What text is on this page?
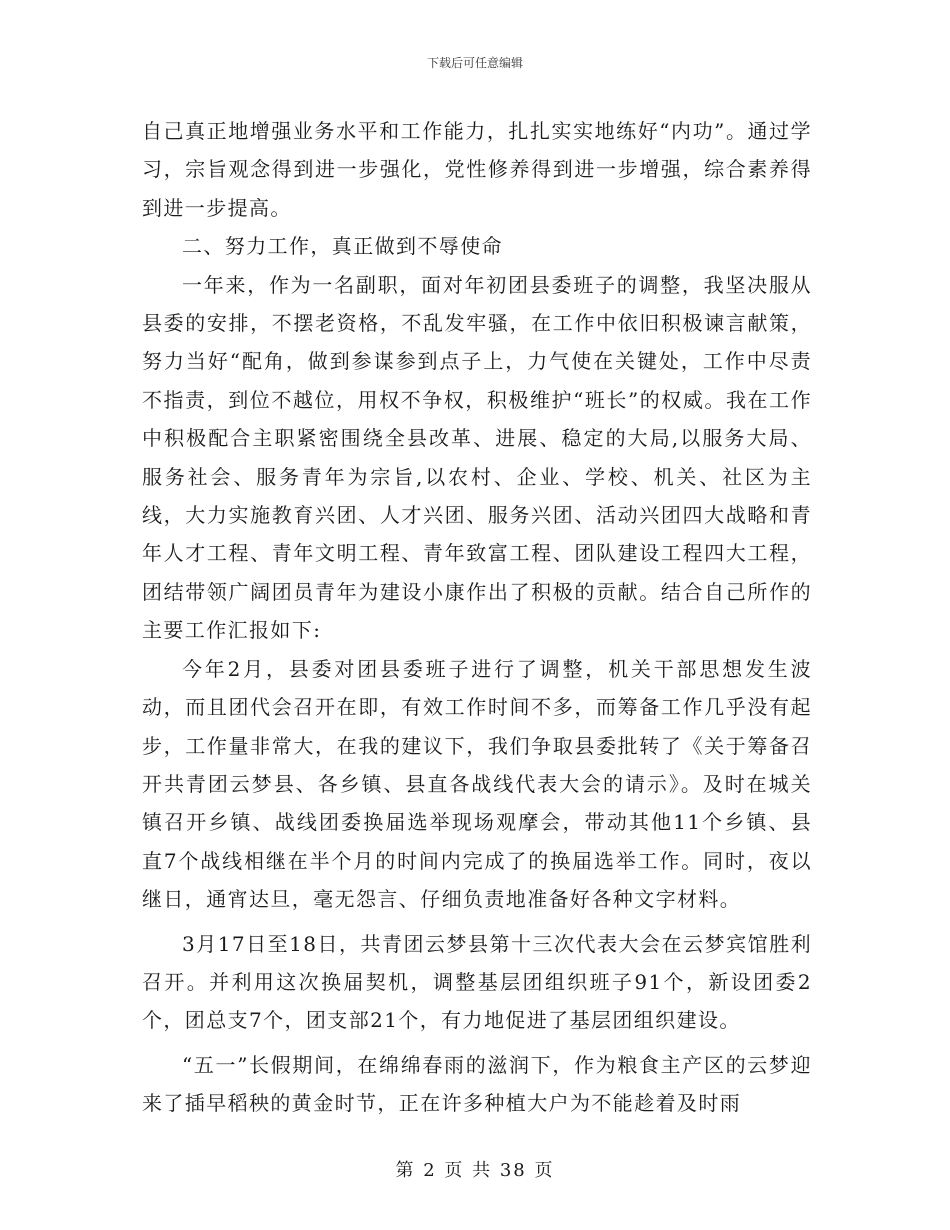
下载后可任意编辑

自己真正地增强业务水平和工作能力，扎扎实实地练好“内功”。通过学习，宗旨观念得到进一步强化，党性修养得到进一步增强，综合素养得到进一步提高。

二、努力工作，真正做到不辱使命

一年来，作为一名副职，面对年初团县委班子的调整，我坚决服从县委的安排，不摆老资格，不乱发牢骚，在工作中依旧积极谏言献策，努力当好“配角，做到参谋参到点子上，力气使在关键处，工作中尽责不指责，到位不越位，用权不争权，积极维护“班长”的权威。我在工作中积极配合主职紧密围绕全县改革、进展、稳定的大局,以服务大局、服务社会、服务青年为宗旨,以农村、企业、学校、机关、社区为主线，大力实施教育兴团、人才兴团、服务兴团、活动兴团四大战略和青年人才工程、青年文明工程、青年致富工程、团队建设工程四大工程，团结带领广阔团员青年为建设小康作出了积极的贡献。结合自己所作的主要工作汇报如下:

今年2月，县委对团县委班子进行了调整，机关干部思想发生波动，而且团代会召开在即，有效工作时间不多，而筹备工作几乎没有起步，工作量非常大，在我的建议下，我们争取县委批转了《关于筹备召开共青团云梦县、各乡镇、县直各战线代表大会的请示》。及时在城关镇召开乡镇、战线团委换届选举现场观摩会，带动其他11个乡镇、县直7个战线相继在半个月的时间内完成了的换届选举工作。同时，夜以继日，通宵达旦，毫无怨言、仔细负责地准备好各种文字材料。

3月17日至18日，共青团云梦县第十三次代表大会在云梦宾馆胜利召开。并利用这次换届契机，调整基层团组织班子91个，新设团委2个，团总支7个，团支部21个，有力地促进了基层团组织建设。

“五一”长假期间，在绵绵春雨的滋润下，作为粮食主产区的云梦迎来了插早稻秧的黄金时节，正在许多种植大户为不能趁着及时雨

第 2 页 共 38 页
